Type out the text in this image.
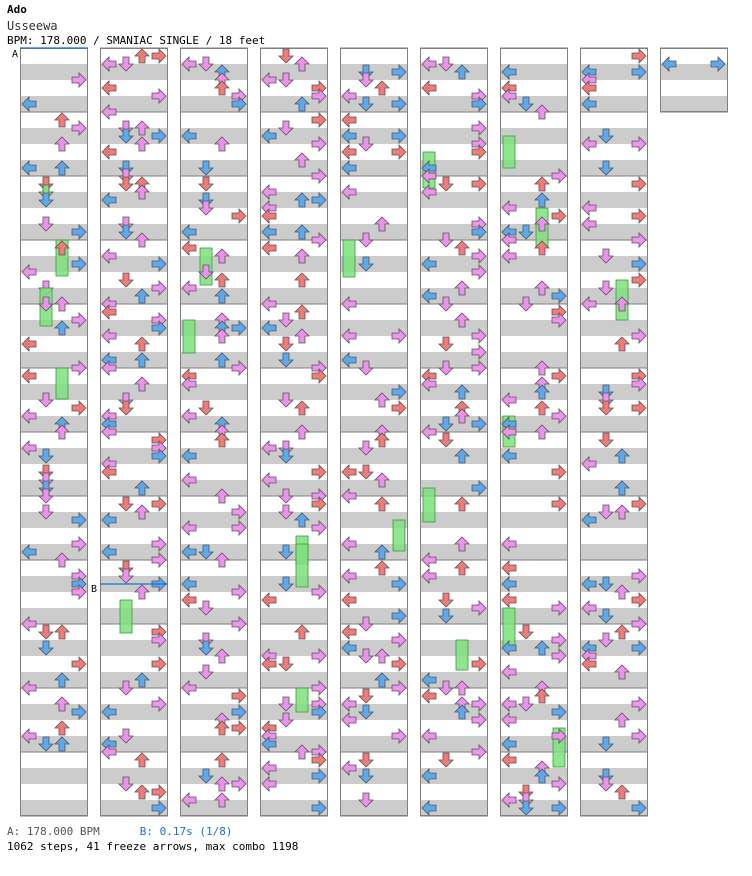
Ado
Usseewa
BPM: 178.000 / SMANIAC SINGLE / 18 feet
A
B
A: 178.000 BPM	B: 0.17s (1/8)
1062 steps, 41 freeze arrows, max combo 1198
